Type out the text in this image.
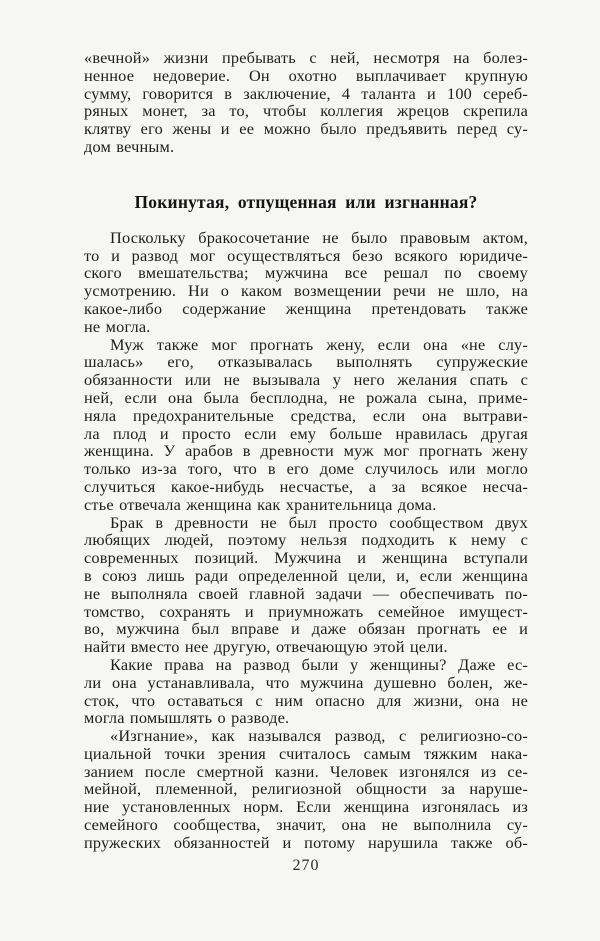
«вечной» жизни пребывать с ней, несмотря на болез-
ненное недоверие. Он охотно выплачивает крупную
сумму, говорится в заключение, 4 таланта и 100 сереб-
ряных монет, за то, чтобы коллегия жрецов скрепила
клятву его жены и ее можно было предъявить перед су-
дом вечным.
Покинутая, отпущенная или изгнанная?
Поскольку бракосочетание не было правовым актом,
то и развод мог осуществляться безо всякого юридиче-
ского вмешательства; мужчина все решал по своему
усмотрению. Ни о каком возмещении речи не шло, на
какое-либо содержание женщина претендовать также
не могла.
Муж также мог прогнать жену, если она «не слу-
шалась» его, отказывалась выполнять супружеские
обязанности или не вызывала у него желания спать с
ней, если она была бесплодна, не рожала сына, приме-
няла предохранительные средства, если она вытрави-
ла плод и просто если ему больше нравилась другая
женщина. У арабов в древности муж мог прогнать жену
только из-за того, что в его доме случилось или могло
случиться какое-нибудь несчастье, а за всякое несча-
стье отвечала женщина как хранительница дома.
Брак в древности не был просто сообществом двух
любящих людей, поэтому нельзя подходить к нему с
современных позиций. Мужчина и женщина вступали
в союз лишь ради определенной цели, и, если женщина
не выполняла своей главной задачи — обеспечивать по-
томство, сохранять и приумножать семейное имущест-
во, мужчина был вправе и даже обязан прогнать ее и
найти вместо нее другую, отвечающую этой цели.
Какие права на развод были у женщины? Даже ес-
ли она устанавливала, что мужчина душевно болен, же-
сток, что оставаться с ним опасно для жизни, она не
могла помышлять о разводе.
«Изгнание», как назывался развод, с религиозно-со-
циальной точки зрения считалось самым тяжким нака-
занием после смертной казни. Человек изгонялся из се-
мейной, племенной, религиозной общности за наруше-
ние установленных норм. Если женщина изгонялась из
семейного сообщества, значит, она не выполнила су-
пружеских обязанностей и потому нарушила также об-
270
